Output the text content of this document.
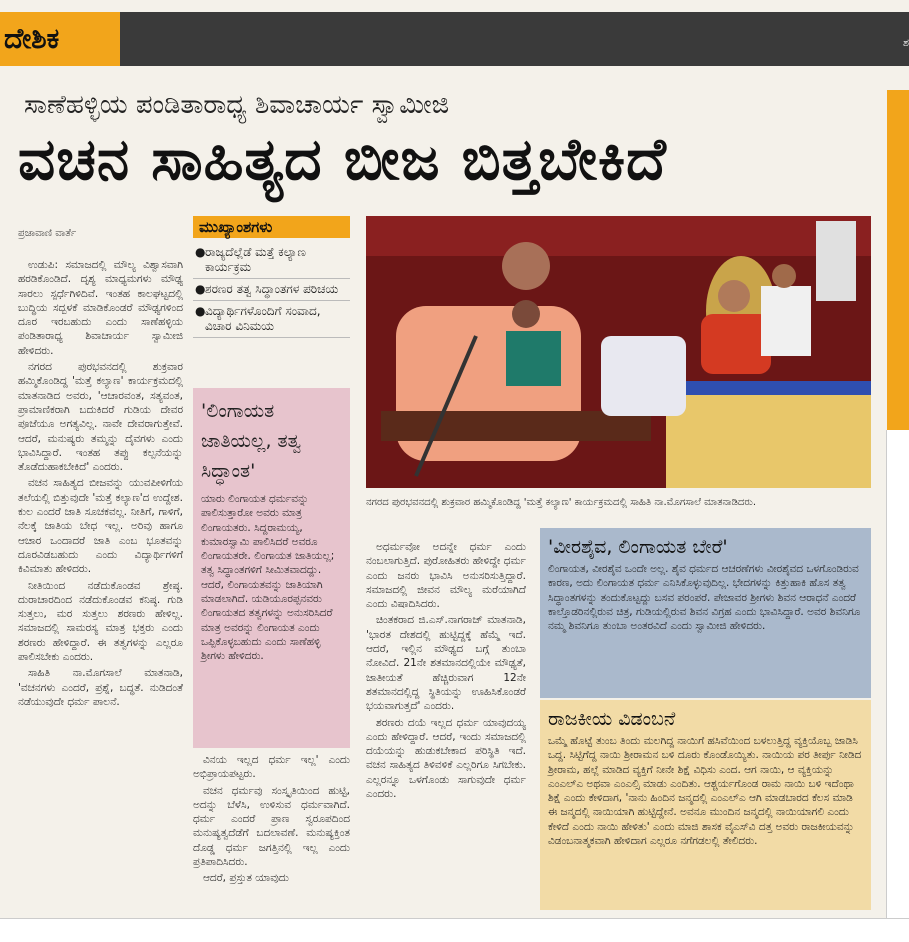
ದೇಶಿಕ	ಶ
ಸಾಣೆಹಳ್ಳಿಯ ಪಂಡಿತಾರಾಧ್ಯ ಶಿವಾಚಾರ್ಯ ಸ್ವಾಮೀಜಿ
ವಚನ ಸಾಹಿತ್ಯದ ಬೀಜ ಬಿತ್ತಬೇಕಿದೆ
ಪ್ರಜಾವಾಣಿ ವಾರ್ತೆ

ಉಡುಪಿ: ಸಮಾಜದಲ್ಲಿ ಮೌಲ್ಯ ವಿಶ್ವಾಸವಾಗಿ ಹರಡಿಕೊಂಡಿದೆ. ದೃಶ್ಯ ಮಾಧ್ಯಮಗಳು ಮೌಢ್ಯ ಸಾರಲು ಸ್ಪರ್ಧೆಗಿಳಿದಿವೆ. ಇಂತಹ ಕಾಲಘಟ್ಟದಲ್ಲಿ ಬುದ್ಧಿಯ ಸದ್ಬಳಕೆ ಮಾಡಿಕೊಂಡರೆ ಮೌಢ್ಯಗಳಿಂದ ದೂರ ಇರಬಹುದು ಎಂದು ಸಾಣೆಹಳ್ಳಿಯ ಪಂಡಿತಾರಾಧ್ಯ ಶಿವಾಚಾರ್ಯ ಸ್ವಾಮೀಜಿ ಹೇಳಿದರು.

ನಗರದ ಪುರಭವನದಲ್ಲಿ ಶುಕ್ರವಾರ ಹಮ್ಮಿಕೊಂಡಿದ್ದ 'ಮತ್ತೆ ಕಲ್ಯಾಣ' ಕಾರ್ಯಕ್ರಮದಲ್ಲಿ ಮಾತನಾಡಿದ ಅವರು, 'ಆಚಾರವಂತ, ಸತ್ಯವಂತ, ಪ್ರಾಮಾಣಿಕರಾಗಿ ಬದುಕಿದರೆ ಗುಡಿಯ ದೇವರ ಪೂಜೆಯೂ ಅಗತ್ಯವಿಲ್ಲ. ನಾವೇ ದೇವರಾಗುತ್ತೇವೆ. ಆದರೆ, ಮನುಷ್ಯರು ತಮ್ಮನ್ನು ದೈವಗಳು ಎಂದು ಭಾವಿಸಿದ್ದಾರೆ. ಇಂತಹ ತಪ್ಪು ಕಲ್ಪನೆಯನ್ನು ತೊಡೆದುಹಾಕಬೇಕಿದೆ' ಎಂದರು.

ವಚನ ಸಾಹಿತ್ಯದ ಬೀಜವನ್ನು ಯುವಪೀಳಿಗೆಯ ತಲೆಯಲ್ಲಿ ಬಿತ್ತುವುದೇ 'ಮತ್ತೆ ಕಲ್ಯಾಣ'ದ ಉದ್ದೇಶ. ಕುಲ ಎಂದರೆ ಜಾತಿ ಸೂಚಕವಲ್ಲ. ನೀತಿಗೆ, ಗಾಳಿಗೆ, ನೆಲಕ್ಕೆ ಜಾತಿಯ ಬೇಧ ಇಲ್ಲ. ಅರಿವು ಹಾಗೂ ಆಚಾರ ಒಂದಾದರೆ ಜಾತಿ ಎಂಬ ಭೂತವನ್ನು ದೂರವಿಡಬಹುದು ಎಂದು ವಿದ್ಯಾರ್ಥಿಗಳಿಗೆ ಕಿವಿಮಾತು ಹೇಳಿದರು.

ನೀತಿಯಿಂದ ನಡೆದುಕೊಂಡವ ಶ್ರೇಷ್ಠ. ದುರಾಚಾರದಿಂದ ನಡೆದುಕೊಂಡವ ಕನಿಷ್ಠ. ಗುಡಿ ಸುತ್ತಲು, ಮರ ಸುತ್ತಲು ಶರಣರು ಹೇಳಿಲ್ಲ. ಸಮಾಜದಲ್ಲಿ ಸಾಮರಸ್ಯ ಮಾತ್ರ ಭಕ್ತರು ಎಂದು ಶರಣರು ಹೇಳಿದ್ದಾರೆ. ಈ ತತ್ವಗಳನ್ನು ಎಲ್ಲರೂ ಪಾಲಿಸಬೇಕು ಎಂದರು.

ಸಾಹಿತಿ ನಾ.ಮೊಗಸಾಲೆ ಮಾತನಾಡಿ, 'ವಚನಗಳು ಎಂದರೆ, ಪ್ರಶ್ನೆ, ಬದ್ಧತೆ. ನುಡಿದಂತೆ ನಡೆಯುವುದೇ ಧರ್ಮ ಪಾಲನೆ.

ಮುಖ್ಯಾಂಶಗಳು
● ರಾಜ್ಯದೆಲ್ಲೆಡೆ ಮತ್ತೆ ಕಲ್ಯಾಣ ಕಾರ್ಯಕ್ರಮ
● ಶರಣರ ತತ್ವ ಸಿದ್ಧಾಂತಗಳ ಪರಿಚಯ
● ವಿದ್ಯಾರ್ಥಿಗಳೊಂದಿಗೆ ಸಂವಾದ, ವಿಚಾರ ವಿನಿಮಯ
'ಲಿಂಗಾಯತ ಜಾತಿಯಲ್ಲ, ತತ್ವ ಸಿದ್ಧಾಂತ'
ಯಾರು ಲಿಂಗಾಯತ ಧರ್ಮವನ್ನು ಪಾಲಿಸುತ್ತಾರೋ ಅವರು ಮಾತ್ರ ಲಿಂಗಾಯತರು. ಸಿದ್ದರಾಮಯ್ಯ, ಕುಮಾರಸ್ವಾಮಿ ಪಾಲಿಸಿದರೆ ಅವರೂ ಲಿಂಗಾಯತರೇ. ಲಿಂಗಾಯತ ಜಾತಿಯಲ್ಲ; ತತ್ವ ಸಿದ್ಧಾಂತಗಳಿಗೆ ಸೀಮಿತವಾದದ್ದು. ಆದರೆ, ಲಿಂಗಾಯತವನ್ನು ಜಾತಿಯಾಗಿ ಮಾಡಲಾಗಿದೆ. ಯಡಿಯೂರಪ್ಪನವರು ಲಿಂಗಾಯತದ ತತ್ವಗಳನ್ನು ಅನುಸರಿಸಿದರೆ ಮಾತ್ರ ಅವರನ್ನು ಲಿಂಗಾಯತ ಎಂದು ಒಪ್ಪಿಕೊಳ್ಳಬಹುದು ಎಂದು ಸಾಣೆಹಳ್ಳಿ ಶ್ರೀಗಳು ಹೇಳಿದರು.

ವಿನಯ ಇಲ್ಲದ ಧರ್ಮ ಇಲ್ಲ' ಎಂದು ಅಭಿಪ್ರಾಯಪಟ್ಟರು.

ವಚನ ಧರ್ಮವು ಸಂಸ್ಕೃತಿಯಿಂದ ಹುಟ್ಟಿ, ಅದನ್ನು ಬೆಳೆಸಿ, ಉಳಿಸುವ ಧರ್ಮವಾಗಿದೆ. ಧರ್ಮ ಎಂದರೆ ಪ್ರಾಣ ಸ್ವರೂಪದಿಂದ ಮನುಷ್ಯತ್ವದೆಡೆಗೆ ಬದಲಾವಣೆ. ಮನುಷ್ಯಕ್ತಿಂತ ದೊಡ್ಡ ಧರ್ಮ ಜಗತ್ತಿನಲ್ಲಿ ಇಲ್ಲ ಎಂದು ಪ್ರತಿಪಾದಿಸಿದರು.

ಆದರೆ, ಪ್ರಸ್ತುತ ಯಾವುದು

ನಗರದ ಪುರಭವನದಲ್ಲಿ ಶುಕ್ರವಾರ ಹಮ್ಮಿಕೊಂಡಿದ್ದ 'ಮತ್ತೆ ಕಲ್ಯಾಣ' ಕಾರ್ಯಕ್ರಮದಲ್ಲಿ ಸಾಹಿತಿ ನಾ.ಮೊಗಸಾಲೆ ಮಾತನಾಡಿದರು.

ಅಧರ್ಮವೋ ಅದನ್ನೇ ಧರ್ಮ ಎಂದು ನಂಬಲಾಗುತ್ತಿದೆ. ಪುರೋಹಿತರು ಹೇಳಿದ್ದೇ ಧರ್ಮ ಎಂದು ಜನರು ಭಾವಿಸಿ ಅನುಸರಿಸುತ್ತಿದ್ದಾರೆ. ಸಮಾಜದಲ್ಲಿ ಜೀವನ ಮೌಲ್ಯ ಮರೆಯಾಗಿದೆ ಎಂದು ವಿಷಾದಿಸಿದರು.

ಚಿಂತಕರಾದ ಜಿ.ಎಸ್.ನಾಗರಾಜ್ ಮಾತನಾಡಿ, 'ಭಾರತ ದೇಶದಲ್ಲಿ ಹುಟ್ಟಿದ್ದಕ್ಕೆ ಹೆಮ್ಮೆ ಇದೆ. ಆದರೆ, ಇಲ್ಲಿನ ಮೌಢ್ಯದ ಬಗ್ಗೆ ತುಂಬಾ ನೋವಿದೆ. 21ನೇ ಶತಮಾನದಲ್ಲಿಯೇ ಮೌಢ್ಯತೆ, ಜಾತೀಯತೆ ಹೆಚ್ಚಿರುವಾಗ 12ನೇ ಶತಮಾನದಲ್ಲಿದ್ದ ಸ್ಥಿತಿಯನ್ನು ಊಹಿಸಿಕೊಂಡರೆ ಭಯವಾಗುತ್ತದೆ' ಎಂದರು.

ಶರಣರು ದಯೆ ಇಲ್ಲದ ಧರ್ಮ ಯಾವುದಯ್ಯ ಎಂದು ಹೇಳಿದ್ದಾರೆ. ಆದರೆ, ಇಂದು ಸಮಾಜದಲ್ಲಿ ದಯೆಯನ್ನು ಹುಡುಕಬೇಕಾದ ಪರಿಸ್ಥಿತಿ ಇದೆ. ವಚನ ಸಾಹಿತ್ಯದ ತಿಳಿವಳಿಕೆ ಎಲ್ಲರಿಗೂ ಸಿಗಬೇಕು. ಎಲ್ಲರನ್ನೂ ಒಳಗೊಂಡು ಸಾಗುವುದೇ ಧರ್ಮ ಎಂದರು.

'ವೀರಶೈವ, ಲಿಂಗಾಯತ ಬೇರೆ'
ಲಿಂಗಾಯತ, ವೀರಶೈವ ಒಂದೇ ಅಲ್ಲ. ಶೈವ ಧರ್ಮದ ಆಚರಣೆಗಳು ವೀರಶೈವದ ಒಳಗೊಂಡಿರುವ ಕಾರಣ, ಅದು ಲಿಂಗಾಯತ ಧರ್ಮ ಎನಿಸಿಕೊಳ್ಳುವುದಿಲ್ಲ. ಭೇದಗಳನ್ನು ಕಿತ್ತುಹಾಕಿ ಹೊಸ ತತ್ವ ಸಿದ್ಧಾಂತಗಳನ್ನು ತಂದುಕೊಟ್ಟದ್ದು ಬಸವ ಪರಂಪರೆ. ಪೇಜಾವರ ಶ್ರೀಗಳು ಶಿವನ ಆರಾಧನೆ ಎಂದರೆ ಕಾಲ್ತೊಡರಿನಲ್ಲಿರುವ ಚಿತ್ರ, ಗುಡಿಯಲ್ಲಿರುವ ಶಿವನ ವಿಗ್ರಹ ಎಂದು ಭಾವಿಸಿದ್ದಾರೆ. ಅವರ ಶಿವನಿಗೂ ನಮ್ಮ ಶಿವನಿಗೂ ತುಂಬಾ ಅಂತರವಿದೆ ಎಂದು ಸ್ವಾಮೀಜಿ ಹೇಳಿದರು.
ರಾಜಕೀಯ ವಿಡಂಬನೆ
ಒಮ್ಮೆ ಹೊಟ್ಟೆ ತುಂಬ ತಿಂದು ಮಲಗಿದ್ದ ನಾಯಿಗೆ ಹಸಿವೆಯಿಂದ ಬಳಲುತ್ತಿದ್ದ ವ್ಯಕ್ತಿಯೊಬ್ಬ ಜಾಡಿಸಿ ಒದ್ದ. ಸಿಟ್ಟಿಗೆದ್ದ ನಾಯಿ ಶ್ರೀರಾಮನ ಬಳಿ ದೂರು ಕೊಂಡೊಯ್ಯಿತು. ನಾಯಿಯ ಪರ ತೀರ್ಪು ನೀಡಿದ ಶ್ರೀರಾಮ, ಹಲ್ಲೆ ಮಾಡಿದ ವ್ಯಕ್ತಿಗೆ ನೀನೇ ಶಿಕ್ಷೆ ವಿಧಿಸು ಎಂದ. ಆಗ ನಾಯಿ, ಆ ವ್ಯಕ್ತಿಯನ್ನು ಎಂಎಲ್ಎ ಅಥವಾ ಎಂಎಲ್ಸಿ ಮಾಡು ಎಂದಿತು. ಆಶ್ಚರ್ಯಗೊಂಡ ರಾಮ ನಾಯಿ ಬಳಿ ಇದೆಂಥಾ ಶಿಕ್ಷೆ ಎಂದು ಕೇಳಿದಾಗ, 'ನಾನು ಹಿಂದಿನ ಜನ್ಮದಲ್ಲಿ ಎಂಎಲ್ಎ ಆಗಿ ಮಾಡಬಾರದ ಕೆಲಸ ಮಾಡಿ ಈ ಜನ್ಮದಲ್ಲಿ ನಾಯಿಯಾಗಿ ಹುಟ್ಟಿದ್ದೇನೆ. ಅವನೂ ಮುಂದಿನ ಜನ್ಮದಲ್ಲಿ ನಾಯಿಯಾಗಲಿ ಎಂದು ಕೇಳಿದೆ ಎಂದು ನಾಯಿ ಹೇಳಿತು' ಎಂದು ಮಾಜಿ ಶಾಸಕ ವೈಎಸ್‌ವಿ ದತ್ತ ಅವರು ರಾಜಕೀಯವನ್ನು ವಿಡಂಬನಾತ್ಮಕವಾಗಿ ಹೇಳಿದಾಗ ಎಲ್ಲರೂ ನಗೆಗಡಲಲ್ಲಿ ತೇಲಿದರು.
